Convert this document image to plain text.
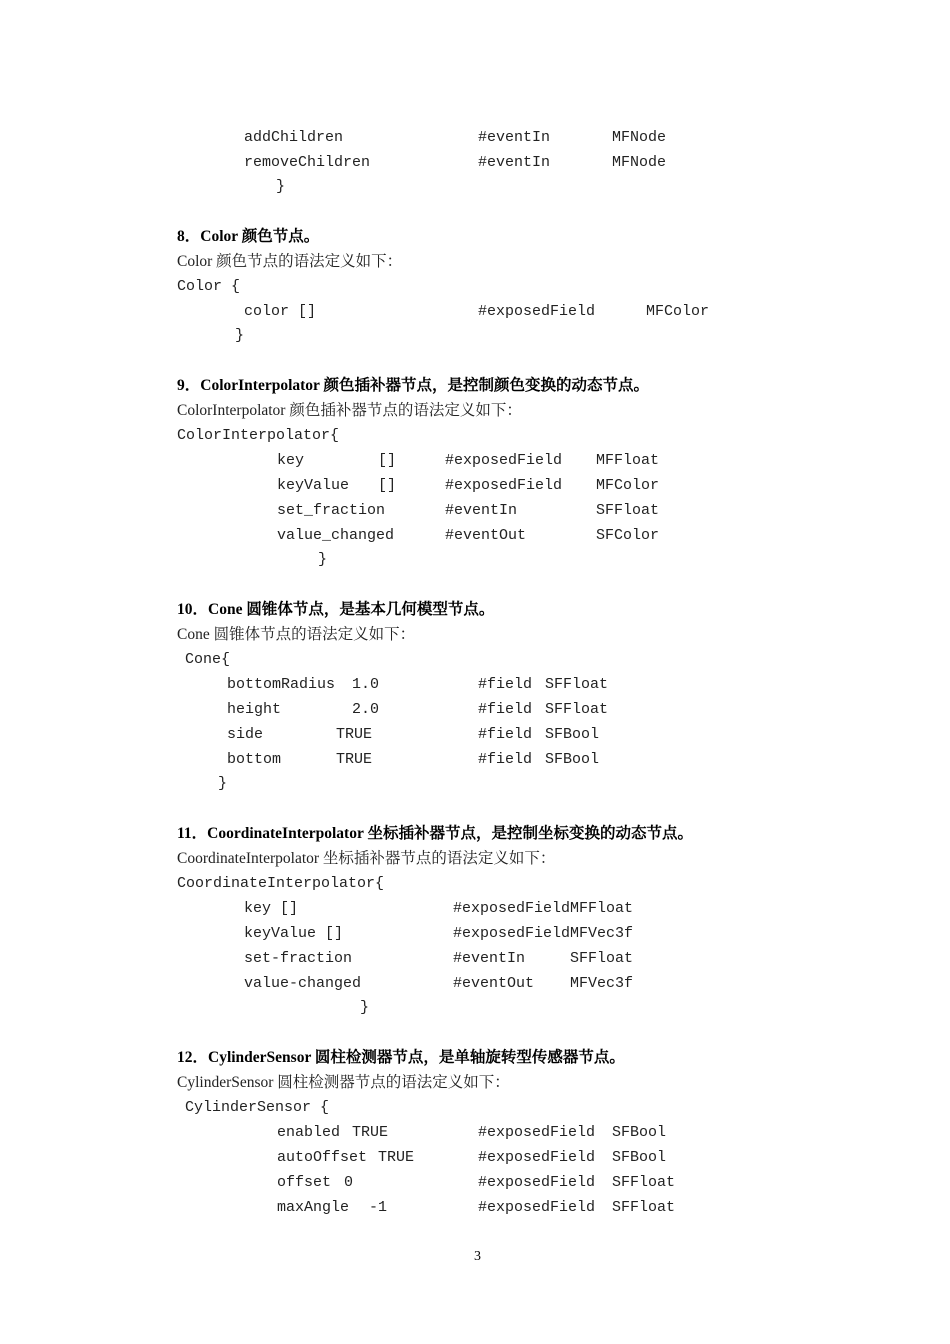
addChildren	#eventIn	MFNode
removeChildren	#eventIn	MFNode
}
8．Color 颜色节点。
Color 颜色节点的语法定义如下：
Color {
color []	#exposedField	MFColor
}
9．ColorInterpolator 颜色插补器节点，是控制颜色变换的动态节点。
ColorInterpolator 颜色插补器节点的语法定义如下：
ColorInterpolator{
key	[]	#exposedField MFFloat
keyValue []	#exposedField MFColor
set_fraction	#eventIn	SFFloat
value_changed	#eventOut	SFColor
}
10．Cone 圆锥体节点，是基本几何模型节点。
Cone 圆锥体节点的语法定义如下：
Cone{
bottomRadius 1.0	#field SFFloat
height	2.0	#field SFFloat
side	TRUE	#field SFBool
bottom	TRUE	#field SFBool
}
11．CoordinateInterpolator 坐标插补器节点，是控制坐标变换的动态节点。
CoordinateInterpolator 坐标插补器节点的语法定义如下：
CoordinateInterpolator{
key []	#exposedField MFFloat
keyValue []	#exposedField MFVec3f
set-fraction	#eventIn	SFFloat
value-changed	#eventOut MFVec3f
}
12．CylinderSensor 圆柱检测器节点，是单轴旋转型传感器节点。
CylinderSensor 圆柱检测器节点的语法定义如下：
CylinderSensor {
enabled TRUE	#exposedField SFBool
autoOffset TRUE	#exposedField SFBool
offset 0	#exposedField SFFloat
maxAngle -1	#exposedField SFFloat
3
